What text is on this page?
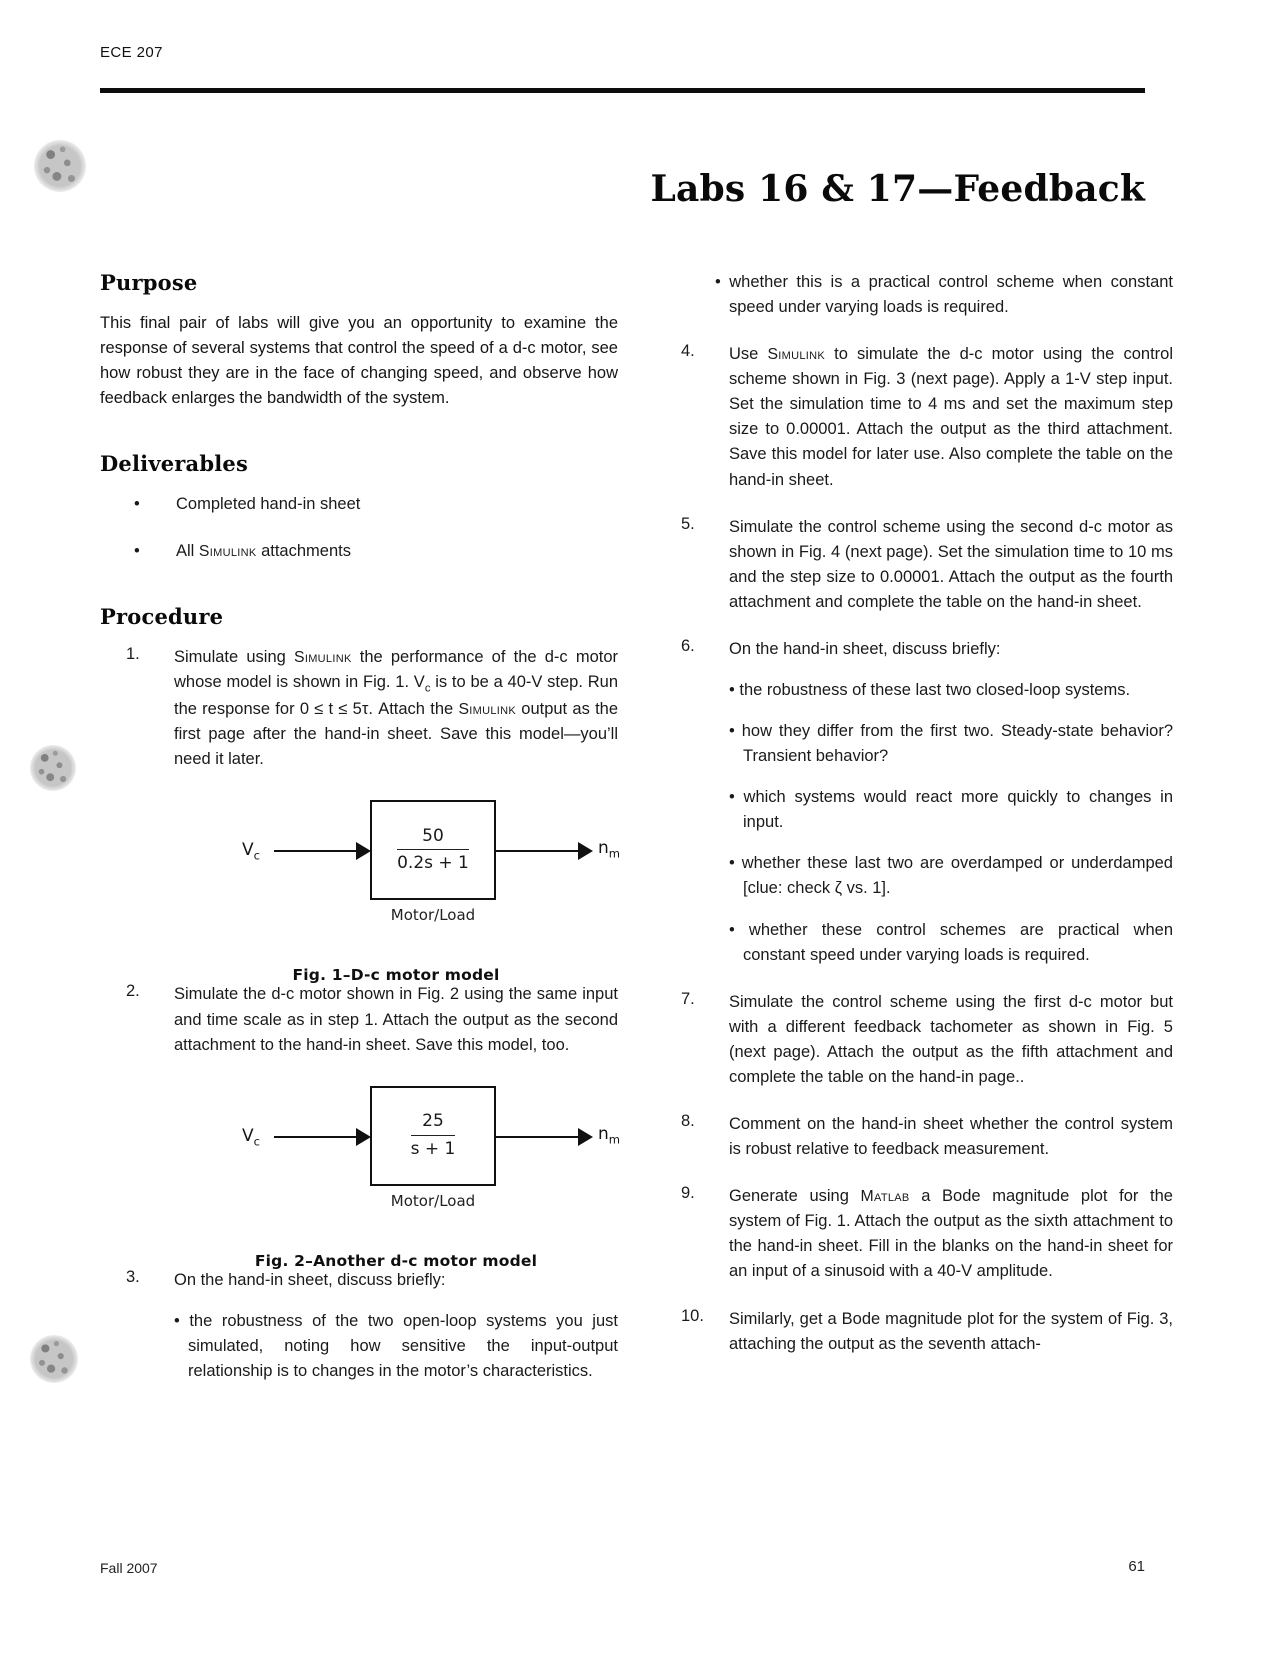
ECE 207
Labs 16 & 17—Feedback
Purpose

This final pair of labs will give you an opportunity to examine the response of several systems that control the speed of a d-c motor, see how robust they are in the face of changing speed, and observe how feedback enlarges the bandwidth of the system.

Deliverables
• Completed hand-in sheet
• All Simulink attachments
Procedure
1. Simulate using Simulink the performance of the d-c motor whose model is shown in Fig. 1. $V_c$ is to be a 40-V step. Run the response for 0 ≤ t ≤ 5τ. Attach the Simulink output as the first page after the hand-in sheet. Save this model—you’ll need it later.
$V_c$	$\frac{50}{0.2s + 1}$	$n_m$
Motor/Load
Fig. 1–D-c motor model
2. Simulate the d-c motor shown in Fig. 2 using the same input and time scale as in step 1. Attach the output as the second attachment to the hand-in sheet. Save this model, too.
$V_c$	$\frac{25}{s + 1}$	$n_m$
Motor/Load
Fig. 2–Another d-c motor model
3. On the hand-in sheet, discuss briefly:
• the robustness of the two open-loop systems you just simulated, noting how sensitive the input-output relationship is to changes in the motor’s characteristics.
• whether this is a practical control scheme when constant speed under varying loads is required.
4. Use Simulink to simulate the d-c motor using the control scheme shown in Fig. 3 (next page). Apply a 1-V step input. Set the simulation time to 4 ms and set the maximum step size to 0.00001. Attach the output as the third attachment. Save this model for later use. Also complete the table on the hand-in sheet.
5. Simulate the control scheme using the second d-c motor as shown in Fig. 4 (next page). Set the simulation time to 10 ms and the step size to 0.00001. Attach the output as the fourth attachment and complete the table on the hand-in sheet.
6. On the hand-in sheet, discuss briefly:
• the robustness of these last two closed-loop systems.
• how they differ from the first two. Steady-state behavior? Transient behavior?
• which systems would react more quickly to changes in input.
• whether these last two are overdamped or underdamped [clue: check ζ vs. 1].
• whether these control schemes are practical when constant speed under varying loads is required.
7. Simulate the control scheme using the first d-c motor but with a different feedback tachometer as shown in Fig. 5 (next page). Attach the output as the fifth attachment and complete the table on the hand-in page..
8. Comment on the hand-in sheet whether the control system is robust relative to feedback measurement.
9. Generate using Matlab a Bode magnitude plot for the system of Fig. 1. Attach the output as the sixth attachment to the hand-in sheet. Fill in the blanks on the hand-in sheet for an input of a sinusoid with a 40-V amplitude.
10. Similarly, get a Bode magnitude plot for the system of Fig. 3, attaching the output as the seventh attach-
Fall 2007	61
